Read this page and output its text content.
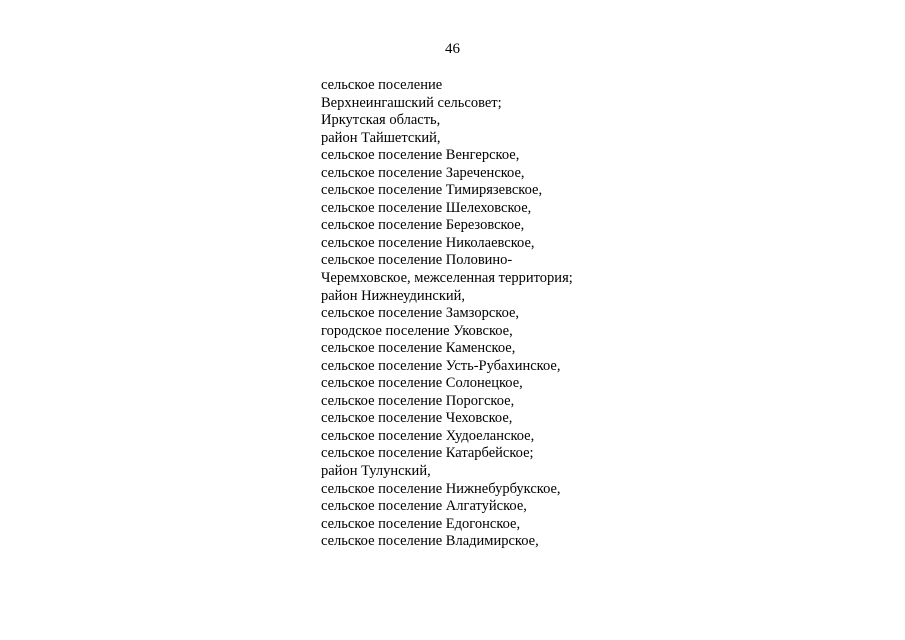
46
сельское поселение
Верхнеингашский сельсовет;
Иркутская область,
район Тайшетский,
сельское поселение Венгерское,
сельское поселение Зареченское,
сельское поселение Тимирязевское,
сельское поселение Шелеховское,
сельское поселение Березовское,
сельское поселение Николаевское,
сельское поселение Половино-
Черемховское, межселенная территория;
район Нижнеудинский,
сельское поселение Замзорское,
городское поселение Уковское,
сельское поселение Каменское,
сельское поселение Усть-Рубахинское,
сельское поселение Солонецкое,
сельское поселение Порогское,
сельское поселение Чеховское,
сельское поселение Худоеланское,
сельское поселение Катарбейское;
район Тулунский,
сельское поселение Нижнебурбукское,
сельское поселение Алгатуйское,
сельское поселение Едогонское,
сельское поселение Владимирское,
